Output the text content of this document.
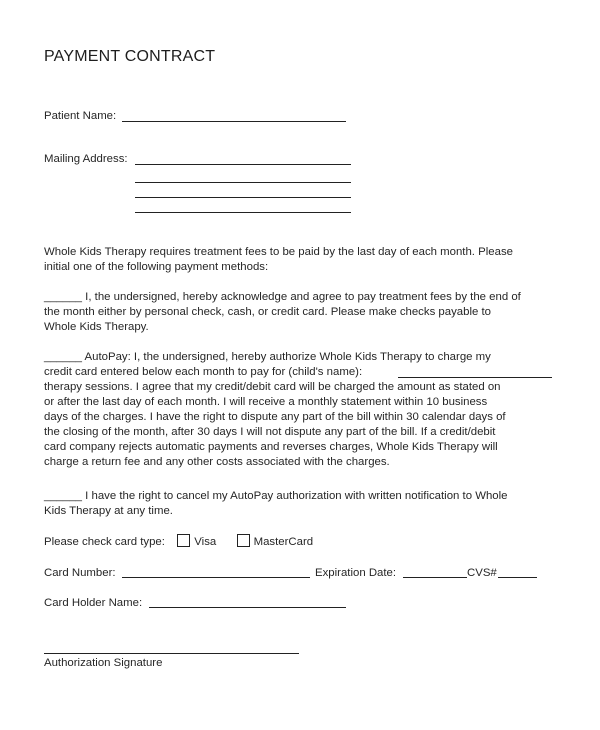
PAYMENT CONTRACT
Patient Name:
Mailing Address:
Whole Kids Therapy requires treatment fees to be paid by the last day of each month. Please
initial one of the following payment methods:
______ I, the undersigned, hereby acknowledge and agree to pay treatment fees by the end of
the month either by personal check, cash, or credit card. Please make checks payable to
Whole Kids Therapy.
______ AutoPay: I, the undersigned, hereby authorize Whole Kids Therapy to charge my
credit card entered below each month to pay for (child's name):
therapy sessions. I agree that my credit/debit card will be charged the amount as stated on
or after the last day of each month. I will receive a monthly statement within 10 business
days of the charges. I have the right to dispute any part of the bill within 30 calendar days of
the closing of the month, after 30 days I will not dispute any part of the bill. If a credit/debit
card company rejects automatic payments and reverses charges, Whole Kids Therapy will
charge a return fee and any other costs associated with the charges.
______ I have the right to cancel my AutoPay authorization with written notification to Whole
Kids Therapy at any time.
Please check card type:	Visa	MasterCard
Card Number:	Expiration Date:	CVS#
Card Holder Name:
Authorization Signature
